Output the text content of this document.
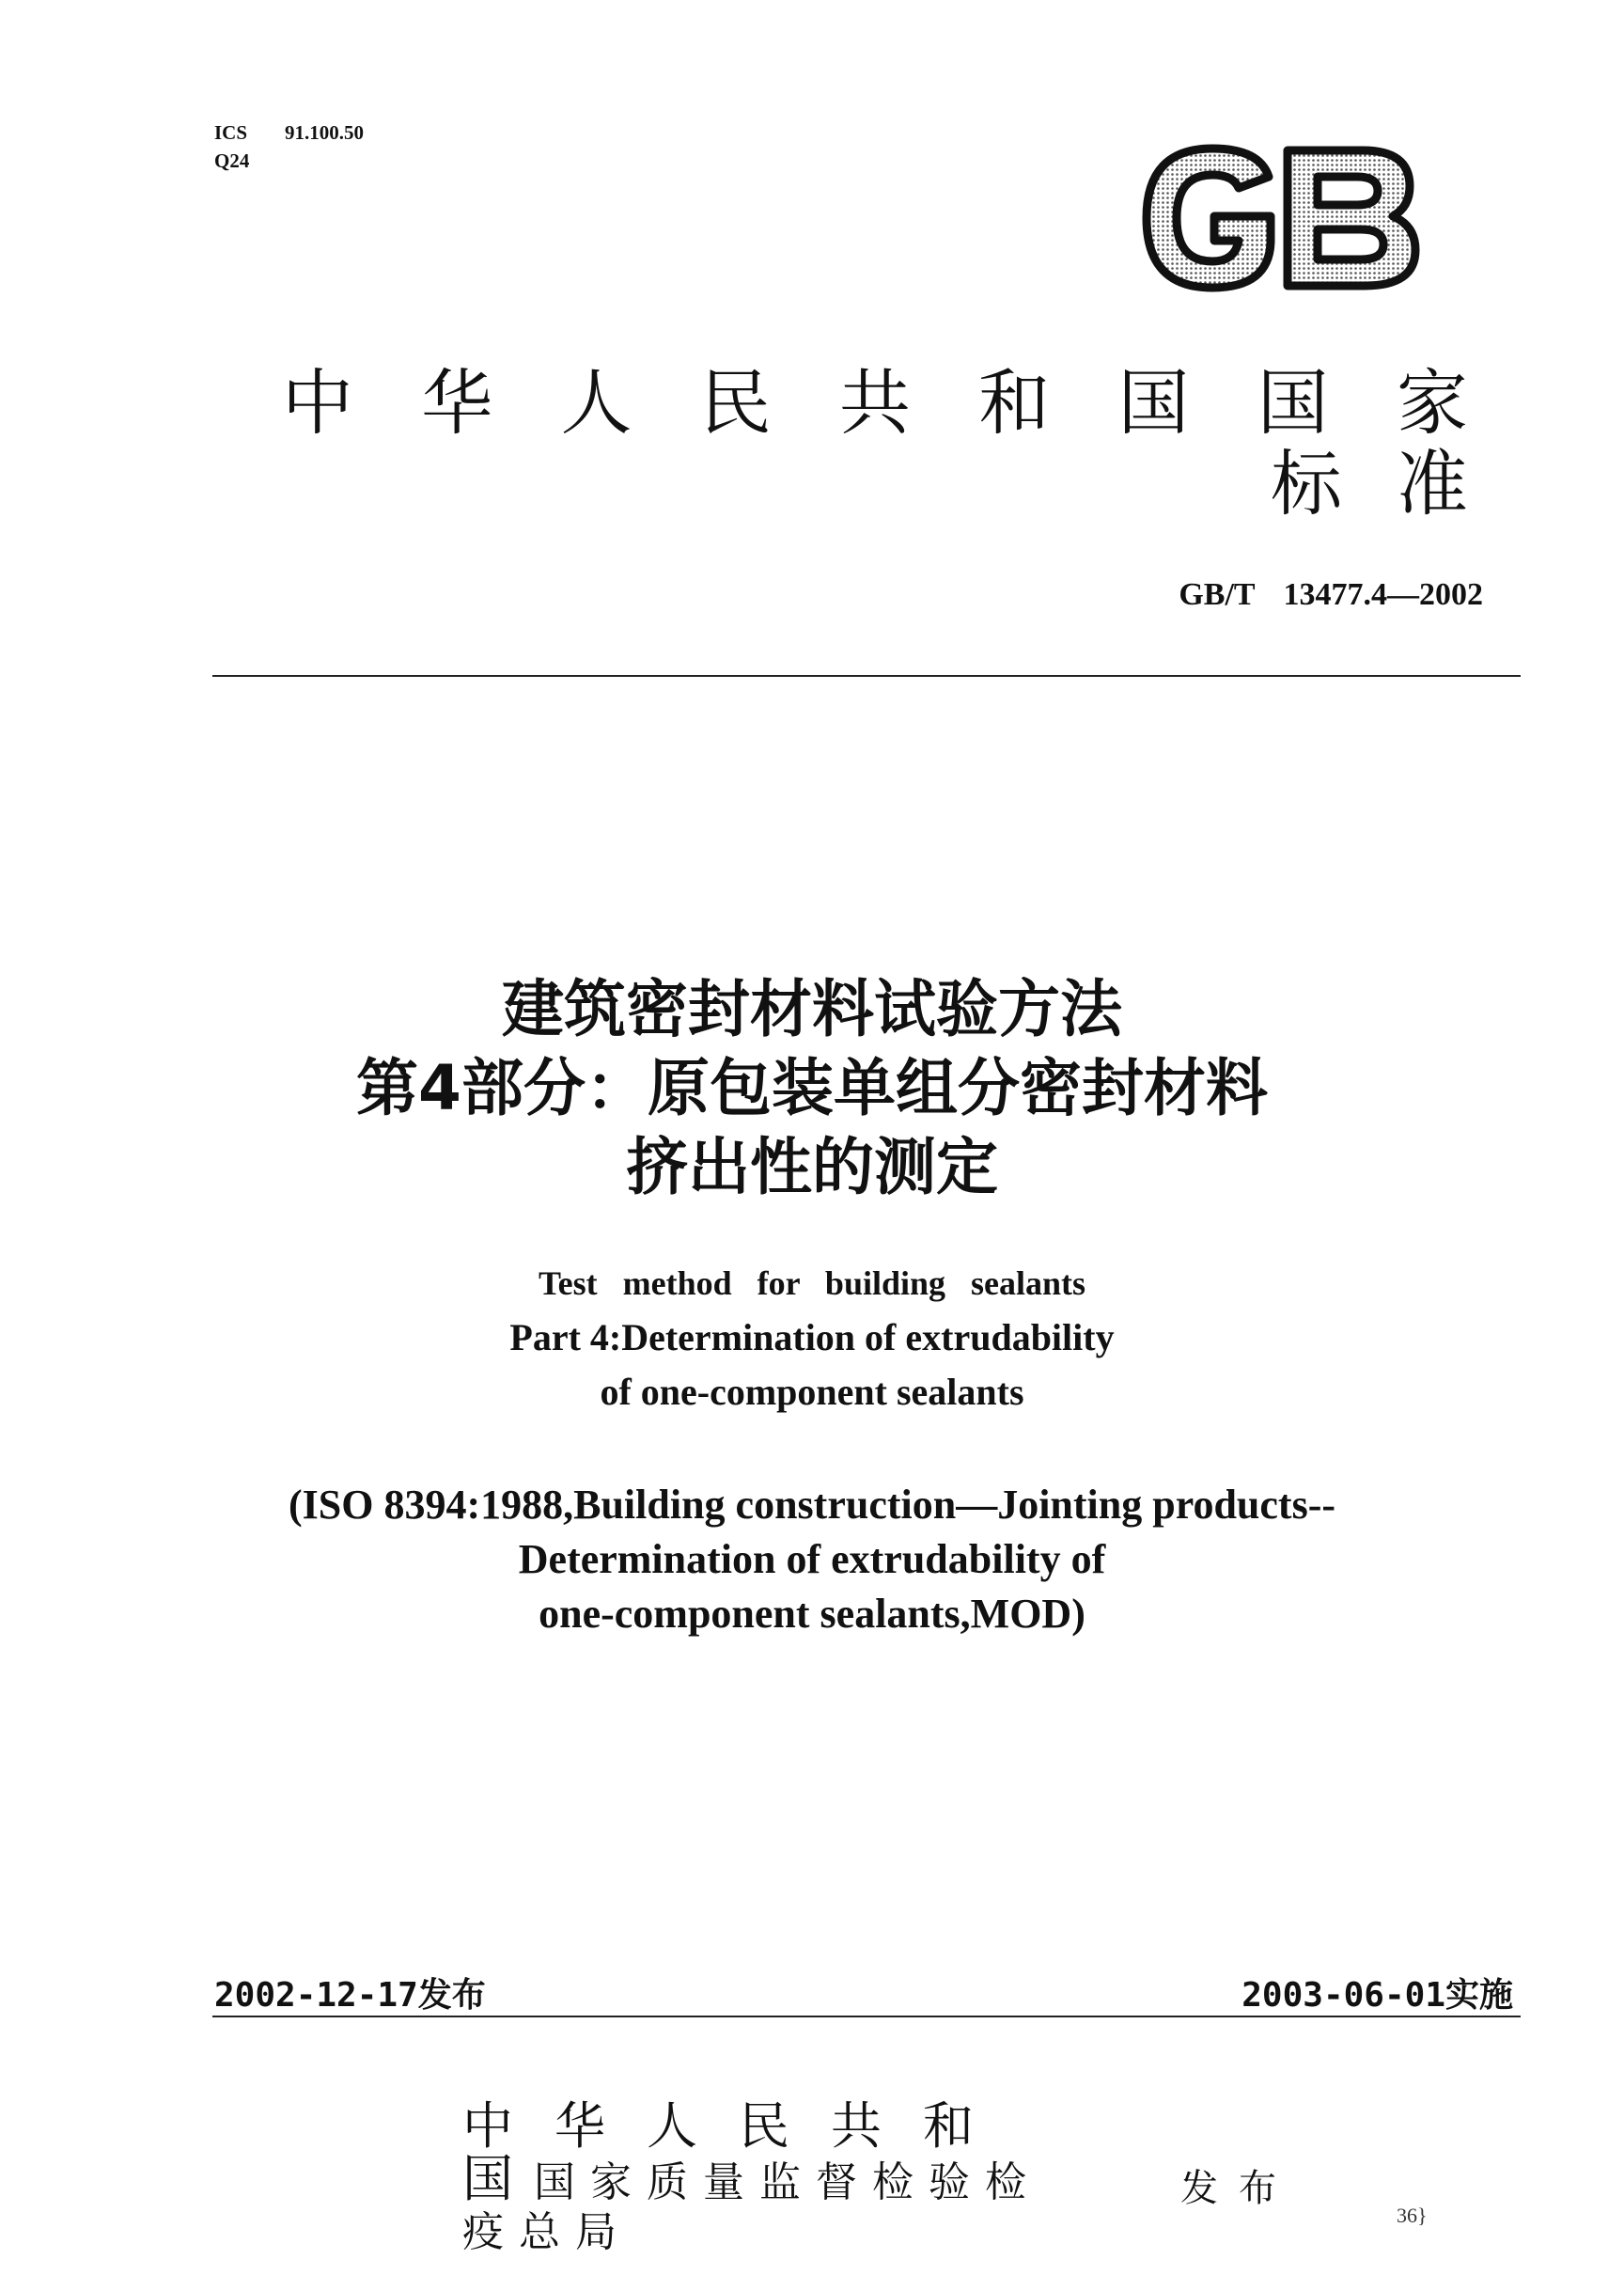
ICS 91.100.50
Q24
中华人民共和国国家标准
GB/T 13477.4—2002
建筑密封材料试验方法
第4部分：原包装单组分密封材料
挤出性的测定
Test method for building sealants
Part 4:Determination of extrudability
of one-component sealants
(ISO 8394:1988,Building construction—Jointing products--
Determination of extrudability of
one-component sealants,MOD)
2002-12-17发布	2003-06-01实施
中华人民共和
国 国家质量监督检验检
疫总局
发布
36}
